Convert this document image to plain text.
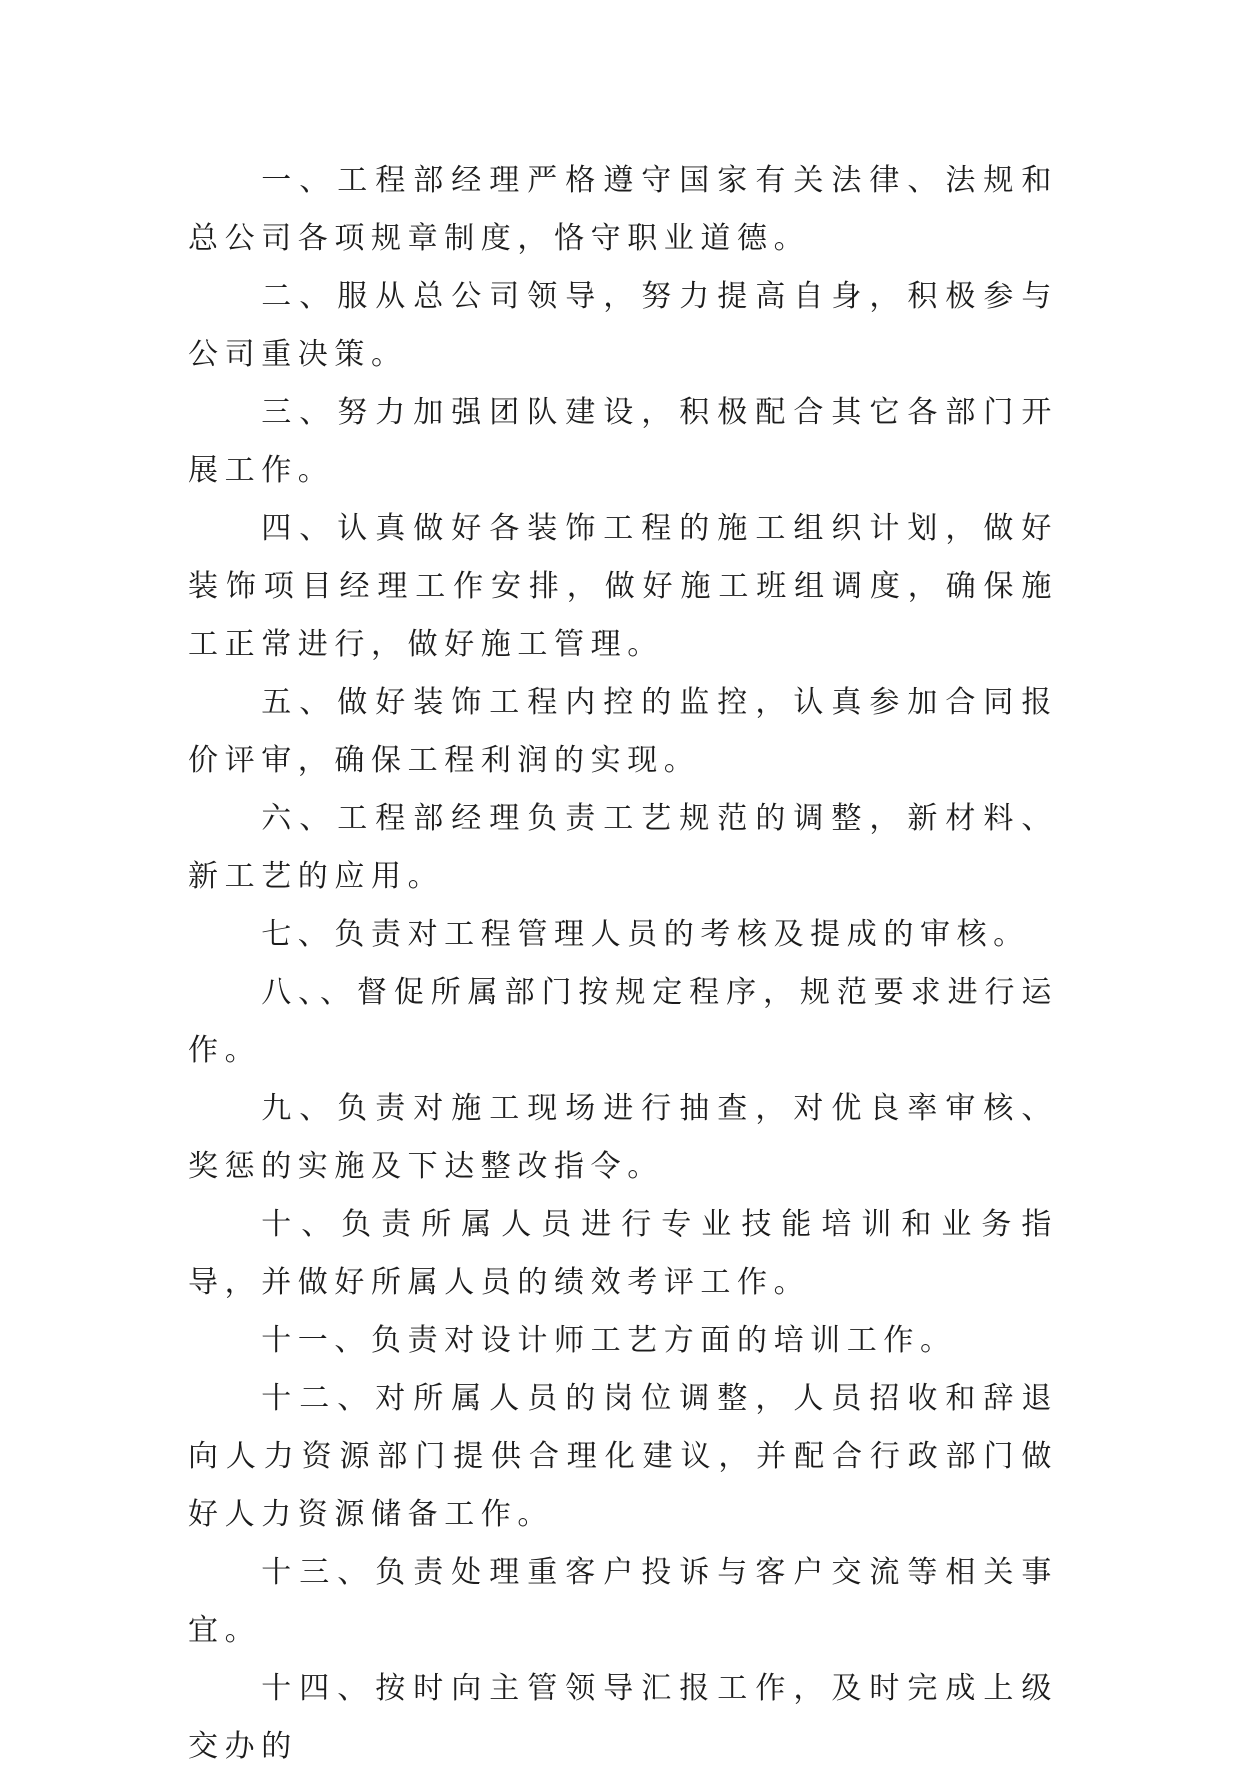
一、工程部经理严格遵守国家有关法律、法规和总公司各项规章制度，恪守职业道德。

二、服从总公司领导，努力提高自身，积极参与公司重决策。

三、努力加强团队建设，积极配合其它各部门开展工作。

四、认真做好各装饰工程的施工组织计划，做好装饰项目经理工作安排，做好施工班组调度，确保施工正常进行，做好施工管理。

五、做好装饰工程内控的监控，认真参加合同报价评审，确保工程利润的实现。

六、工程部经理负责工艺规范的调整，新材料、新工艺的应用。

七、负责对工程管理人员的考核及提成的审核。

八、、督促所属部门按规定程序，规范要求进行运作。

九、负责对施工现场进行抽查，对优良率审核、奖惩的实施及下达整改指令。

十、负责所属人员进行专业技能培训和业务指导，并做好所属人员的绩效考评工作。

十一、负责对设计师工艺方面的培训工作。

十二、对所属人员的岗位调整，人员招收和辞退向人力资源部门提供合理化建议，并配合行政部门做好人力资源储备工作。

十三、负责处理重客户投诉与客户交流等相关事宜。

十四、按时向主管领导汇报工作，及时完成上级交办的
